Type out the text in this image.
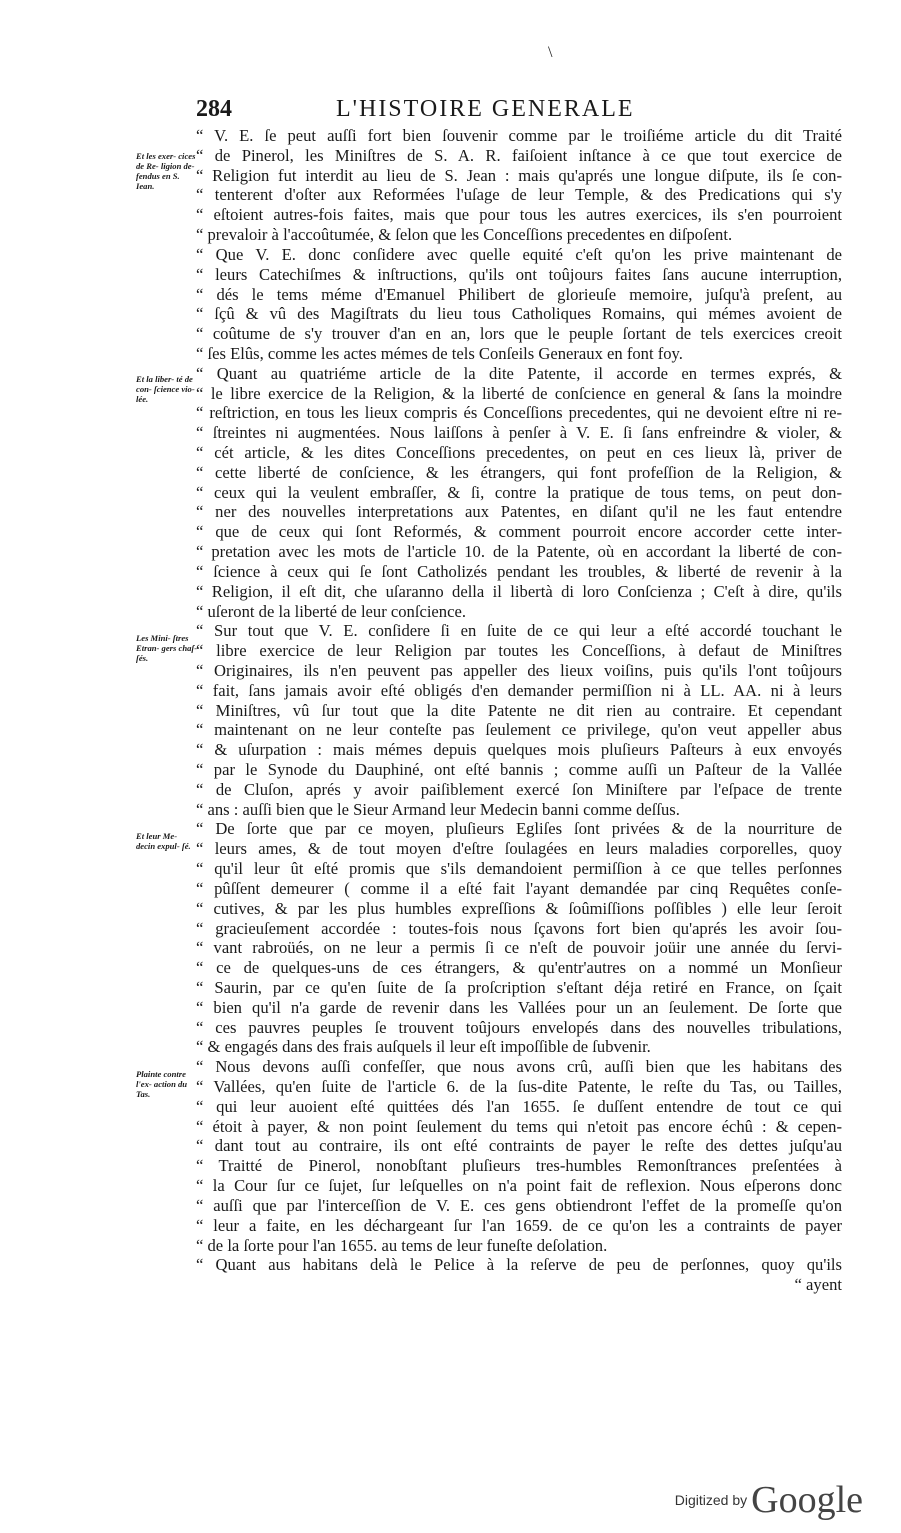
\
284	L'HISTOIRE GENERALE
Et les exer- cices de Re- ligion de- fendus en S. Iean.
Et la liber- té de con- ſcience vio- lée.
Les Mini- ſtres Etran- gers chaſ- ſés.
Et leur Me- decin expul- ſé.
Plainte contre l'ex- action du Tas.
“ V. E. ſe peut auſſi fort bien ſouvenir comme par le troiſiéme article du dit Traité
“ de Pinerol, les Miniſtres de S. A. R. faiſoient inſtance à ce que tout exercice de
“ Religion fut interdit au lieu de S. Jean : mais qu'aprés une longue diſpute, ils ſe con-
“ tenterent d'oſter aux Reformées l'uſage de leur Temple, & des Predications qui s'y
“ eſtoient autres-fois faites, mais que pour tous les autres exercices, ils s'en pourroient
“ prevaloir à l'accoûtumée, & ſelon que les Conceſſions precedentes en diſpoſent.
“ Que V. E. donc conſidere avec quelle equité c'eſt qu'on les prive maintenant de
“ leurs Catechiſmes & inſtructions, qu'ils ont toûjours faites ſans aucune interruption,
“ dés le tems méme d'Emanuel Philibert de glorieuſe memoire, juſqu'à preſent, au
“ ſçû & vû des Magiſtrats du lieu tous Catholiques Romains, qui mémes avoient de
“ coûtume de s'y trouver d'an en an, lors que le peuple ſortant de tels exercices creoit
“ ſes Elûs, comme les actes mémes de tels Conſeils Generaux en font foy.
“ Quant au quatriéme article de la dite Patente, il accorde en termes exprés, &
“ le libre exercice de la Religion, & la liberté de conſcience en general & ſans la moindre
“ reſtriction, en tous les lieux compris és Conceſſions precedentes, qui ne devoient eſtre ni re-
“ ſtreintes ni augmentées. Nous laiſſons à penſer à V. E. ſi ſans enfreindre & violer, &
“ cét article, & les dites Conceſſions precedentes, on peut en ces lieux là, priver de
“ cette liberté de conſcience, & les étrangers, qui font profeſſion de la Religion, &
“ ceux qui la veulent embraſſer, & ſi, contre la pratique de tous tems, on peut don-
“ ner des nouvelles interpretations aux Patentes, en diſant qu'il ne les faut entendre
“ que de ceux qui ſont Reformés, & comment pourroit encore accorder cette inter-
“ pretation avec les mots de l'article 10. de la Patente, où en accordant la liberté de con-
“ ſcience à ceux qui ſe ſont Catholizés pendant les troubles, & liberté de revenir à la
“ Religion, il eſt dit, che uſaranno della il libertà di loro Conſcienza ; C'eſt à dire, qu'ils
“ uſeront de la liberté de leur conſcience.
“ Sur tout que V. E. conſidere ſi en ſuite de ce qui leur a eſté accordé touchant le
“ libre exercice de leur Religion par toutes les Conceſſions, à defaut de Miniſtres
“ Originaires, ils n'en peuvent pas appeller des lieux voiſins, puis qu'ils l'ont toûjours
“ fait, ſans jamais avoir eſté obligés d'en demander permiſſion ni à LL. AA. ni à leurs
“ Miniſtres, vû ſur tout que la dite Patente ne dit rien au contraire. Et cependant
“ maintenant on ne leur conteſte pas ſeulement ce privilege, qu'on veut appeller abus
“ & uſurpation : mais mémes depuis quelques mois pluſieurs Paſteurs à eux envoyés
“ par le Synode du Dauphiné, ont eſté bannis ; comme auſſi un Paſteur de la Vallée
“ de Cluſon, aprés y avoir paiſiblement exercé ſon Miniſtere par l'eſpace de trente
“ ans : auſſi bien que le Sieur Armand leur Medecin banni comme deſſus.
“ De ſorte que par ce moyen, pluſieurs Egliſes ſont privées & de la nourriture de
“ leurs ames, & de tout moyen d'eſtre ſoulagées en leurs maladies corporelles, quoy
“ qu'il leur ût eſté promis que s'ils demandoient permiſſion à ce que telles perſonnes
“ pûſſent demeurer ( comme il a eſté fait l'ayant demandée par cinq Requêtes conſe-
“ cutives, & par les plus humbles expreſſions & ſoûmiſſions poſſibles ) elle leur ſeroit
“ gracieuſement accordée : toutes-fois nous ſçavons fort bien qu'aprés les avoir ſou-
“ vant rabroüés, on ne leur a permis ſi ce n'eſt de pouvoir joüir une année du ſervi-
“ ce de quelques-uns de ces étrangers, & qu'entr'autres on a nommé un Monſieur
“ Saurin, par ce qu'en ſuite de ſa proſcription s'eſtant déja retiré en France, on ſçait
“ bien qu'il n'a garde de revenir dans les Vallées pour un an ſeulement. De ſorte que
“ ces pauvres peuples ſe trouvent toûjours envelopés dans des nouvelles tribulations,
“ & engagés dans des frais auſquels il leur eſt impoſſible de ſubvenir.
“ Nous devons auſſi confeſſer, que nous avons crû, auſſi bien que les habitans des
“ Vallées, qu'en ſuite de l'article 6. de la ſus-dite Patente, le reſte du Tas, ou Tailles,
“ qui leur auoient eſté quittées dés l'an 1655. ſe duſſent entendre de tout ce qui
“ étoit à payer, & non point ſeulement du tems qui n'etoit pas encore échû : & cepen-
“ dant tout au contraire, ils ont eſté contraints de payer le reſte des dettes juſqu'au
“ Traitté de Pinerol, nonobſtant pluſieurs tres-humbles Remonſtrances preſentées à
“ la Cour ſur ce ſujet, ſur leſquelles on n'a point fait de reflexion. Nous eſperons donc
“ auſſi que par l'interceſſion de V. E. ces gens obtiendront l'effet de la promeſſe qu'on
“ leur a faite, en les déchargeant ſur l'an 1659. de ce qu'on les a contraints de payer
“ de la ſorte pour l'an 1655. au tems de leur funeſte deſolation.
“ Quant aus habitans delà le Pelice à la reſerve de peu de perſonnes, quoy qu'ils
“ ayent
Digitized by Google
